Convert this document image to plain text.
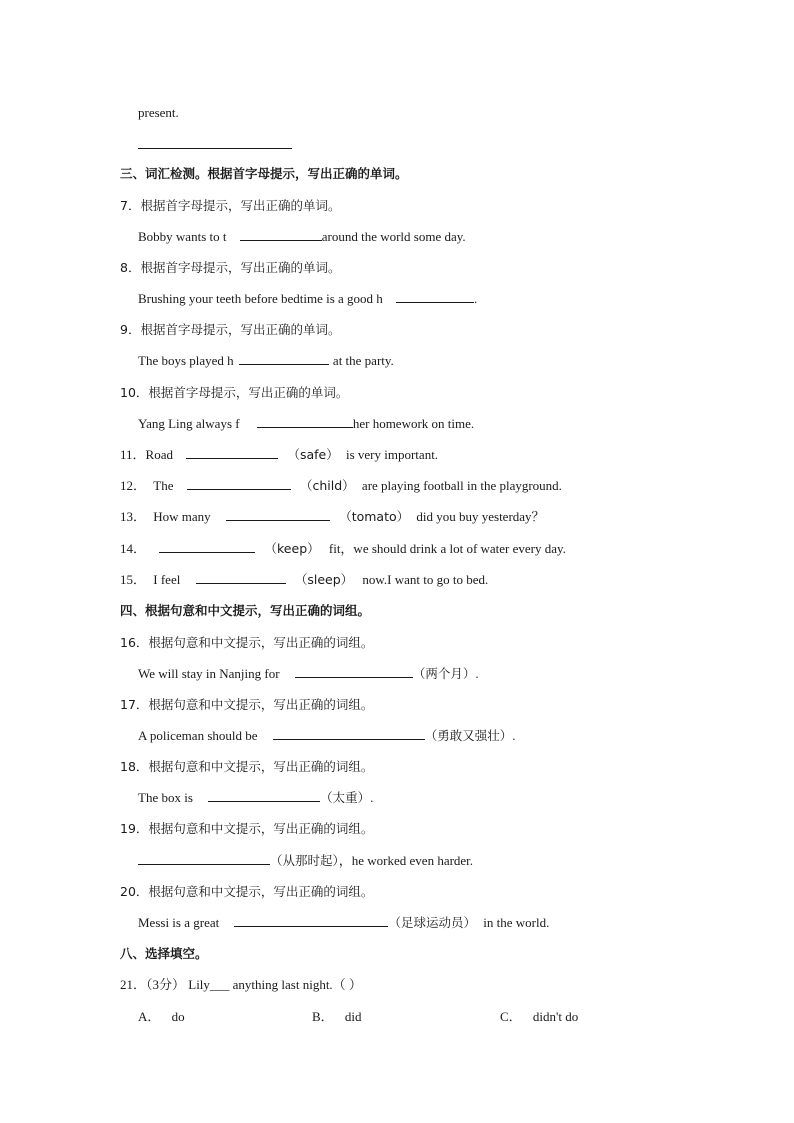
present.
三、词汇检测。根据首字母提示，写出正确的单词。
7．根据首字母提示，写出正确的单词。
Bobby wants to t	around the world some day.
8．根据首字母提示，写出正确的单词。
Brushing your teeth before bedtime is a good h	.
9．根据首字母提示，写出正确的单词。
The boys played h	at the party.
10．根据首字母提示，写出正确的单词。
Yang Ling always f	her homework on time.
11．Road	（safe） is very important.
12． The	（child） are playing football in the playground.
13． How many	（tomato） did you buy yesterday？
14．	（keep） fit，we should drink a lot of water every day.
15． I feel	（sleep） now.I want to go to bed.
四、根据句意和中文提示，写出正确的词组。
16．根据句意和中文提示，写出正确的词组。
We will stay in Nanjing for	（两个月）.
17．根据句意和中文提示，写出正确的词组。
A policeman should be	（勇敢又强壮）.
18．根据句意和中文提示，写出正确的词组。
The box is	（太重）.
19．根据句意和中文提示，写出正确的词组。
（从那时起），he worked even harder.
20．根据句意和中文提示，写出正确的词组。
Messi is a great	（足球运动员） in the world.
八、选择填空。
21．（3分） Lily___ anything last night.（ ）
A． do	B． did	C． didn't do
